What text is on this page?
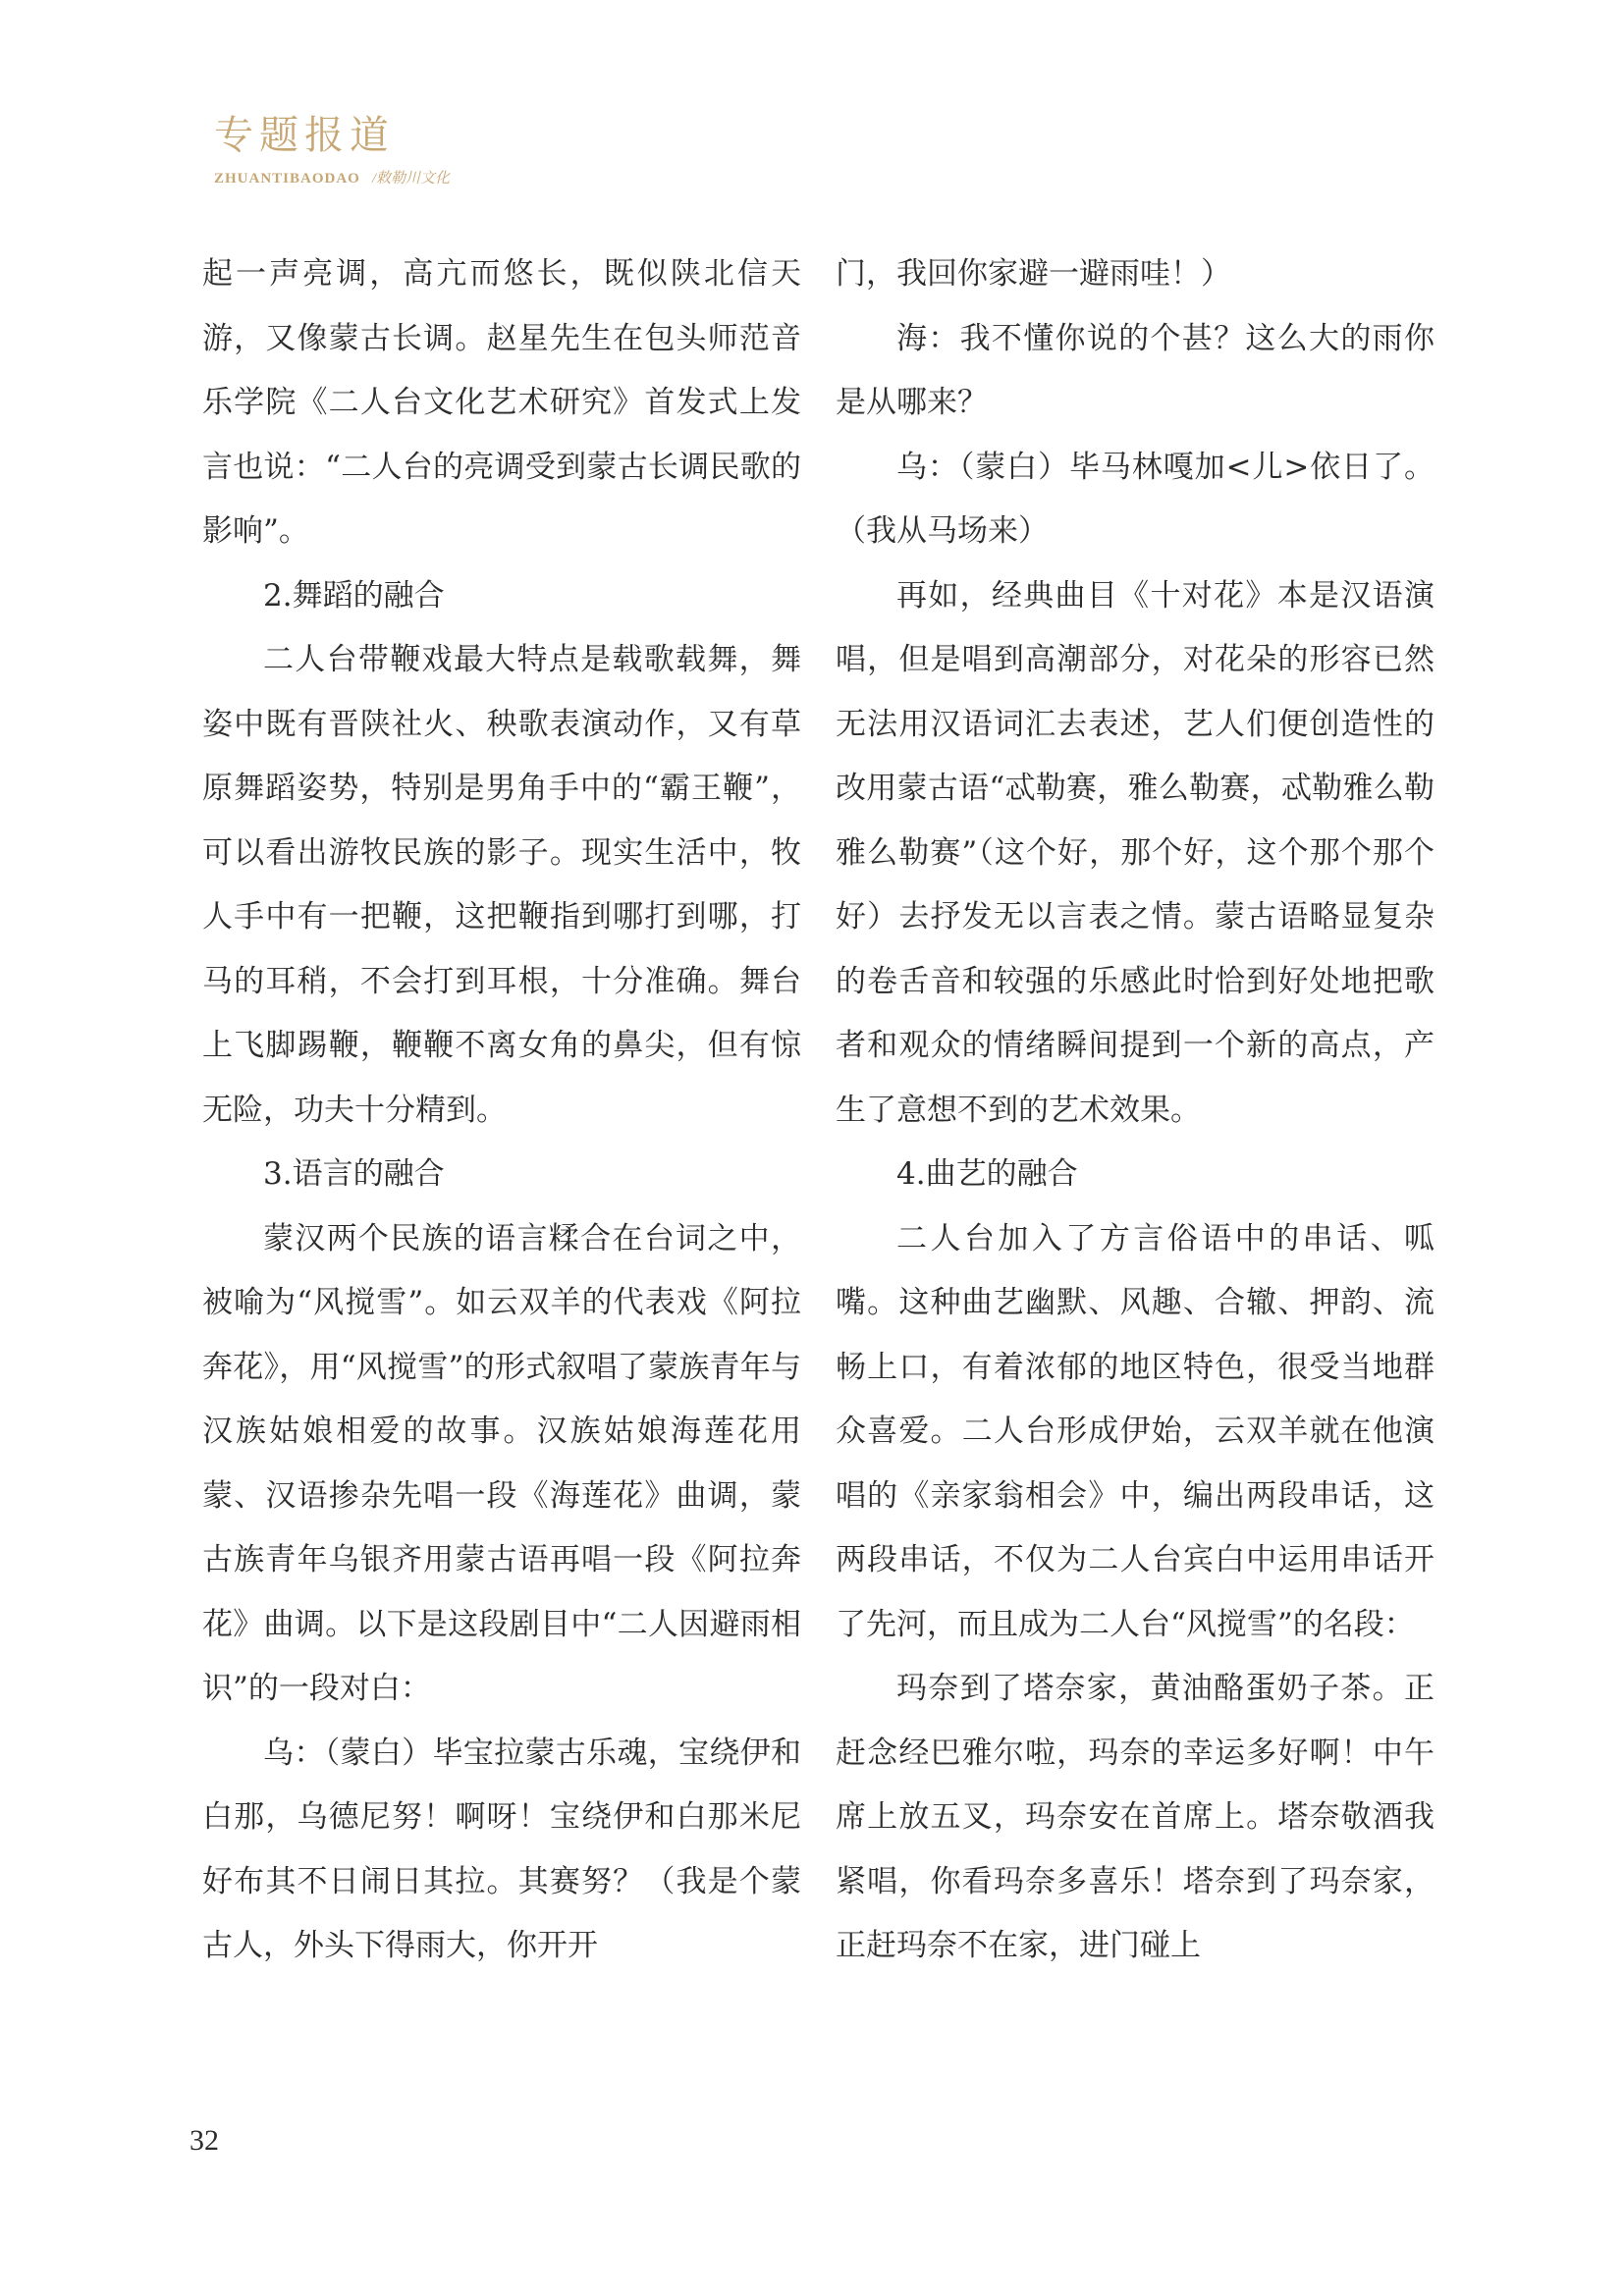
专题报道
ZHUANTIBAODAO /敕勒川文化

起一声亮调，高亢而悠长，既似陕北信天游，又像蒙古长调。赵星先生在包头师范音乐学院《二人台文化艺术研究》首发式上发言也说：“二人台的亮调受到蒙古长调民歌的影响”。

2.舞蹈的融合

二人台带鞭戏最大特点是载歌载舞，舞姿中既有晋陕社火、秧歌表演动作，又有草原舞蹈姿势，特别是男角手中的“霸王鞭”，可以看出游牧民族的影子。现实生活中，牧人手中有一把鞭，这把鞭指到哪打到哪，打马的耳稍，不会打到耳根，十分准确。舞台上飞脚踢鞭，鞭鞭不离女角的鼻尖，但有惊无险，功夫十分精到。

3.语言的融合

蒙汉两个民族的语言糅合在台词之中，被喻为“风搅雪”。如云双羊的代表戏《阿拉奔花》，用“风搅雪”的形式叙唱了蒙族青年与汉族姑娘相爱的故事。汉族姑娘海莲花用蒙、汉语掺杂先唱一段《海莲花》曲调，蒙古族青年乌银齐用蒙古语再唱一段《阿拉奔花》曲调。以下是这段剧目中“二人因避雨相识”的一段对白：

乌：（蒙白）毕宝拉蒙古乐魂，宝绕伊和白那，乌德尼努！啊呀！宝绕伊和白那米尼好布其不日闹日其拉。其赛努？（我是个蒙古人，外头下得雨大，你开开

门，我回你家避一避雨哇！）

海：我不懂你说的个甚？这么大的雨你是从哪来？

乌：（蒙白）毕马林嘎加<儿>依日了。（我从马场来）

再如，经典曲目《十对花》本是汉语演唱，但是唱到高潮部分，对花朵的形容已然无法用汉语词汇去表述，艺人们便创造性的改用蒙古语“忒勒赛，雅么勒赛，忒勒雅么勒雅么勒赛”（这个好，那个好，这个那个那个好）去抒发无以言表之情。蒙古语略显复杂的卷舌音和较强的乐感此时恰到好处地把歌者和观众的情绪瞬间提到一个新的高点，产生了意想不到的艺术效果。

4.曲艺的融合

二人台加入了方言俗语中的串话、呱嘴。这种曲艺幽默、风趣、合辙、押韵、流畅上口，有着浓郁的地区特色，很受当地群众喜爱。二人台形成伊始，云双羊就在他演唱的《亲家翁相会》中，编出两段串话，这两段串话，不仅为二人台宾白中运用串话开了先河，而且成为二人台“风搅雪”的名段：

玛奈到了塔奈家，黄油酪蛋奶子茶。正赶念经巴雅尔啦，玛奈的幸运多好啊！中午席上放五叉，玛奈安在首席上。塔奈敬酒我紧唱，你看玛奈多喜乐！塔奈到了玛奈家，正赶玛奈不在家，进门碰上

32
